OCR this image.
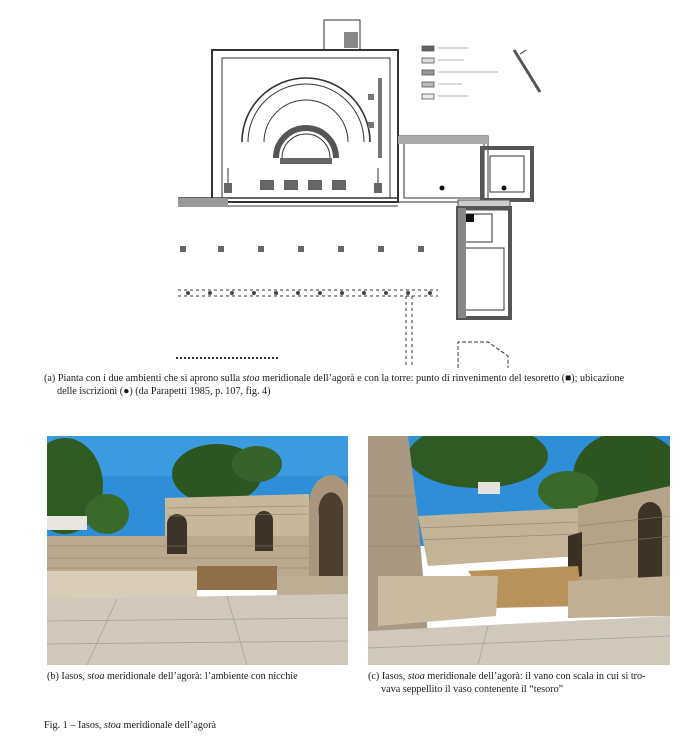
(a) Pianta con i due ambienti che si aprono sulla stoa meridionale dell’agorà e con la torre: punto di rinvenimento del tesoretto (■); ubicazione
delle iscrizioni (●) (da Parapetti 1985, p. 107, fig. 4)
(b) Iasos, stoa meridionale dell’agorà: l’ambiente con nicchie	(c) Iasos, stoa meridionale dell’agorà: il vano con scala in cui si tro-
vava seppellito il vaso contenente il “tesoro”
Fig. 1 – Iasos, stoa meridionale dell’agorà
